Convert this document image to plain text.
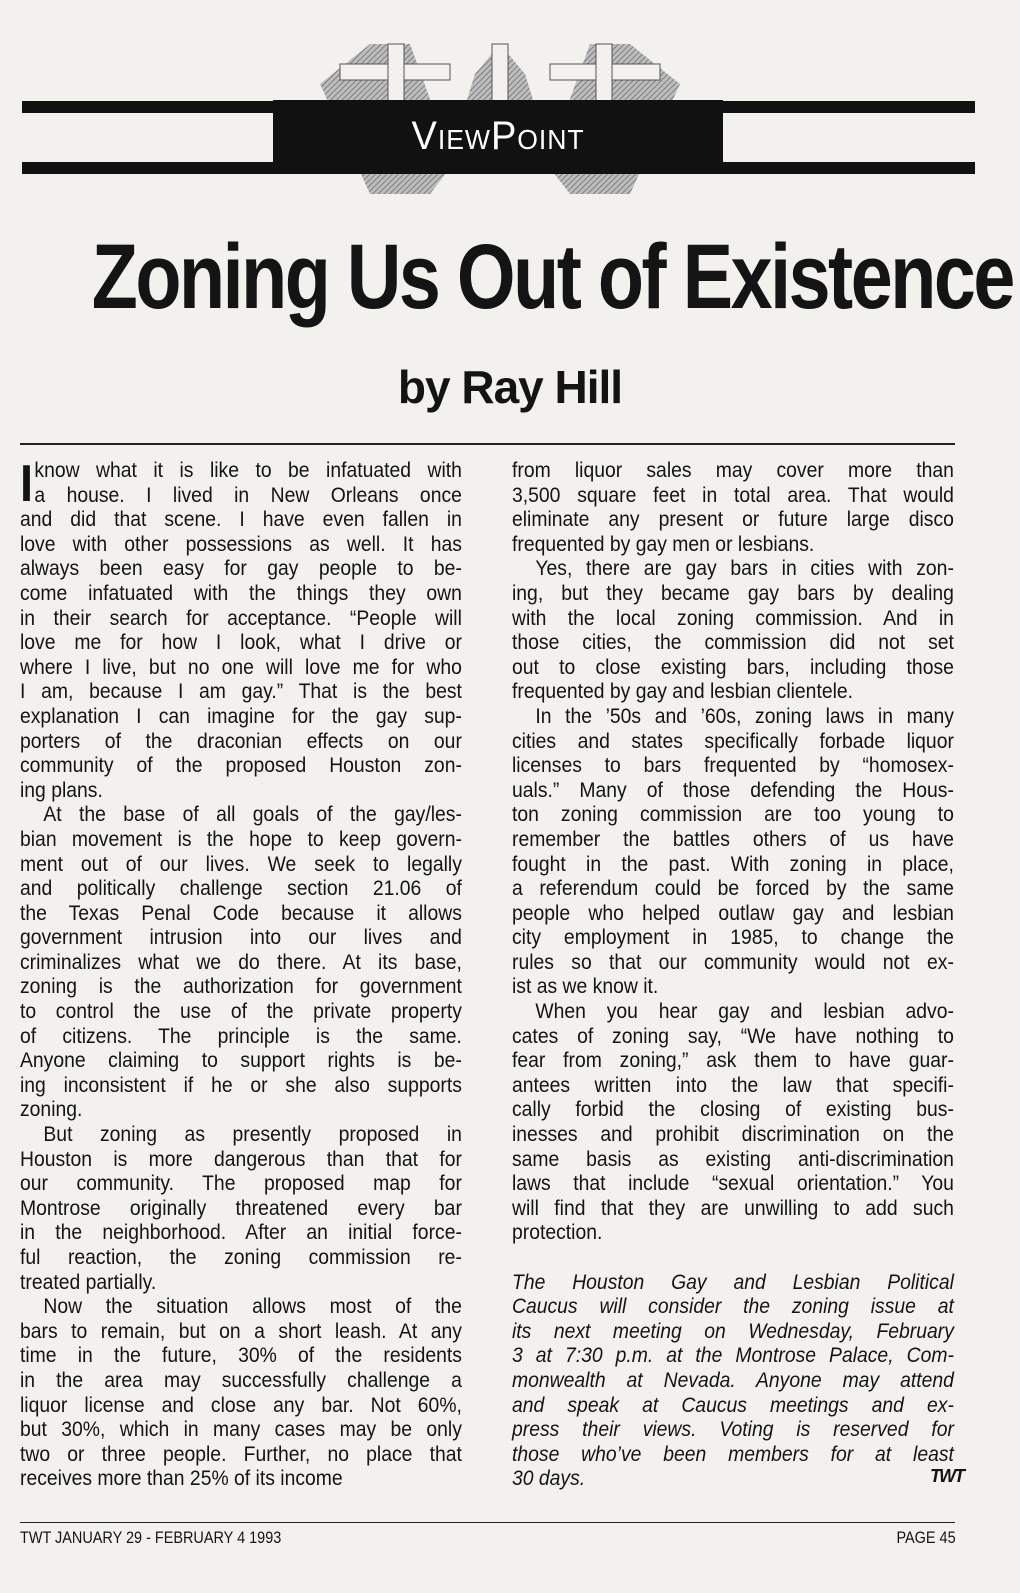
ViewPoint
Zoning Us Out of Existence
by Ray Hill
I know what it is like to be infatuated with
a house. I lived in New Orleans once
and did that scene. I have even fallen in
love with other possessions as well. It has
always been easy for gay people to be-
come infatuated with the things they own
in their search for acceptance. “People will
love me for how I look, what I drive or
where I live, but no one will love me for who
I am, because I am gay.” That is the best
explanation I can imagine for the gay sup-
porters of the draconian effects on our
community of the proposed Houston zon-
ing plans.
At the base of all goals of the gay/les-
bian movement is the hope to keep govern-
ment out of our lives. We seek to legally
and politically challenge section 21.06 of
the Texas Penal Code because it allows
government intrusion into our lives and
criminalizes what we do there. At its base,
zoning is the authorization for government
to control the use of the private property
of citizens. The principle is the same.
Anyone claiming to support rights is be-
ing inconsistent if he or she also supports
zoning.
But zoning as presently proposed in
Houston is more dangerous than that for
our community. The proposed map for
Montrose originally threatened every bar
in the neighborhood. After an initial force-
ful reaction, the zoning commission re-
treated partially.
Now the situation allows most of the
bars to remain, but on a short leash. At any
time in the future, 30% of the residents
in the area may successfully challenge a
liquor license and close any bar. Not 60%,
but 30%, which in many cases may be only
two or three people. Further, no place that
receives more than 25% of its income
from liquor sales may cover more than
3,500 square feet in total area. That would
eliminate any present or future large disco
frequented by gay men or lesbians.
Yes, there are gay bars in cities with zon-
ing, but they became gay bars by dealing
with the local zoning commission. And in
those cities, the commission did not set
out to close existing bars, including those
frequented by gay and lesbian clientele.
In the ’50s and ’60s, zoning laws in many
cities and states specifically forbade liquor
licenses to bars frequented by “homosex-
uals.” Many of those defending the Hous-
ton zoning commission are too young to
remember the battles others of us have
fought in the past. With zoning in place,
a referendum could be forced by the same
people who helped outlaw gay and lesbian
city employment in 1985, to change the
rules so that our community would not ex-
ist as we know it.
When you hear gay and lesbian advo-
cates of zoning say, “We have nothing to
fear from zoning,” ask them to have guar-
antees written into the law that specifi-
cally forbid the closing of existing bus-
inesses and prohibit discrimination on the
same basis as existing anti-discrimination
laws that include “sexual orientation.” You
will find that they are unwilling to add such
protection.
The Houston Gay and Lesbian Political
Caucus will consider the zoning issue at
its next meeting on Wednesday, February
3 at 7:30 p.m. at the Montrose Palace, Com-
monwealth at Nevada. Anyone may attend
and speak at Caucus meetings and ex-
press their views. Voting is reserved for
those who’ve been members for at least
30 days.	TWT
TWT JANUARY 29 - FEBRUARY 4 1993	PAGE 45
